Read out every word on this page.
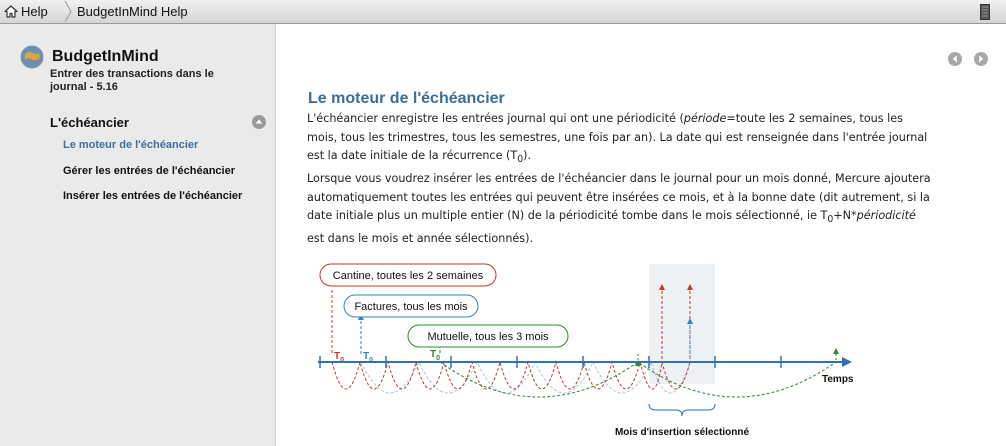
Help BudgetInMind Help
BudgetInMind
Entrer des transactions dans le journal - 5.16
L'échéancier
Le moteur de l'échéancier
Gérer les entrées de l'échéancier
Insérer les entrées de l'échéancier
Le moteur de l'échéancier

L'échéancier enregistre les entrées journal qui ont une périodicité (période=toute les 2 semaines, tous les mois, tous les trimestres, tous les semestres, une fois par an). La date qui est renseignée dans l'entrée journal est la date initiale de la récurrence $(T_0)$.

Lorsque vous voudrez insérer les entrées de l'échéancier dans le journal pour un mois donné, Mercure ajoutera automatiquement toutes les entrées qui peuvent être insérées ce mois, et à la bonne date (dit autrement, si la date initiale plus un multiple entier (N) de la périodicité tombe dans le mois sélectionné, ie $T_0+N*périodicité$ est dans le mois et année sélectionnés).

Cantine, toutes les 2 semaines
Factures, tous les mois
Mutuelle, tous les 3 mois
$T_0$ $T_0$
$T_0$
Temps
Mois d'insertion sélectionné
